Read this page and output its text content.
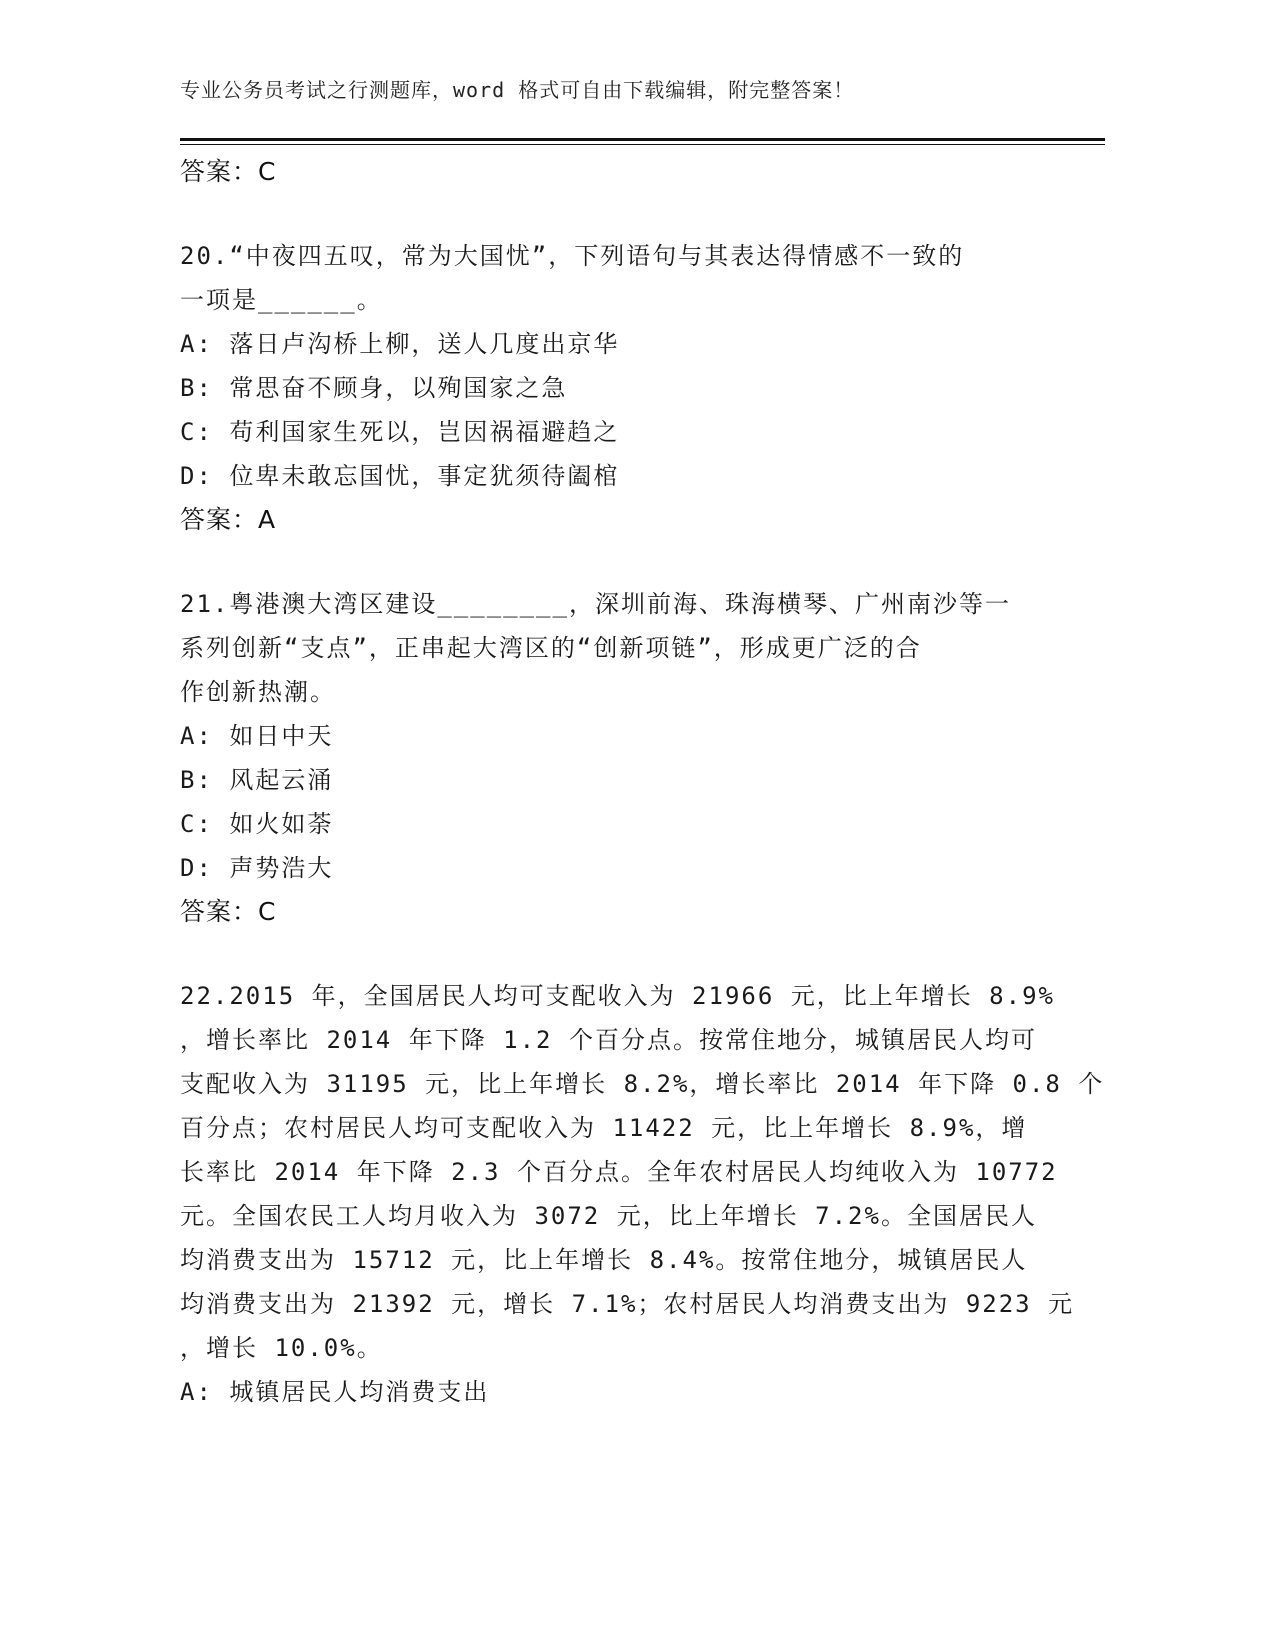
专业公务员考试之行测题库，word 格式可自由下载编辑，附完整答案！
答案：C
20.“中夜四五叹，常为大国忧”，下列语句与其表达得情感不一致的
一项是______。
A: 落日卢沟桥上柳，送人几度出京华
B: 常思奋不顾身，以殉国家之急
C: 苟利国家生死以，岂因祸福避趋之
D: 位卑未敢忘国忧，事定犹须待阖棺
答案：A
21.粤港澳大湾区建设________，深圳前海、珠海横琴、广州南沙等一
系列创新“支点”，正串起大湾区的“创新项链”，形成更广泛的合
作创新热潮。
A: 如日中天
B: 风起云涌
C: 如火如荼
D: 声势浩大
答案：C
22.2015 年，全国居民人均可支配收入为 21966 元，比上年增长 8.9%
，增长率比 2014 年下降 1.2 个百分点。按常住地分，城镇居民人均可
支配收入为 31195 元，比上年增长 8.2%，增长率比 2014 年下降 0.8 个
百分点；农村居民人均可支配收入为 11422 元，比上年增长 8.9%，增
长率比 2014 年下降 2.3 个百分点。全年农村居民人均纯收入为 10772
元。全国农民工人均月收入为 3072 元，比上年增长 7.2%。全国居民人
均消费支出为 15712 元，比上年增长 8.4%。按常住地分，城镇居民人
均消费支出为 21392 元，增长 7.1%；农村居民人均消费支出为 9223 元
，增长 10.0%。
A: 城镇居民人均消费支出
